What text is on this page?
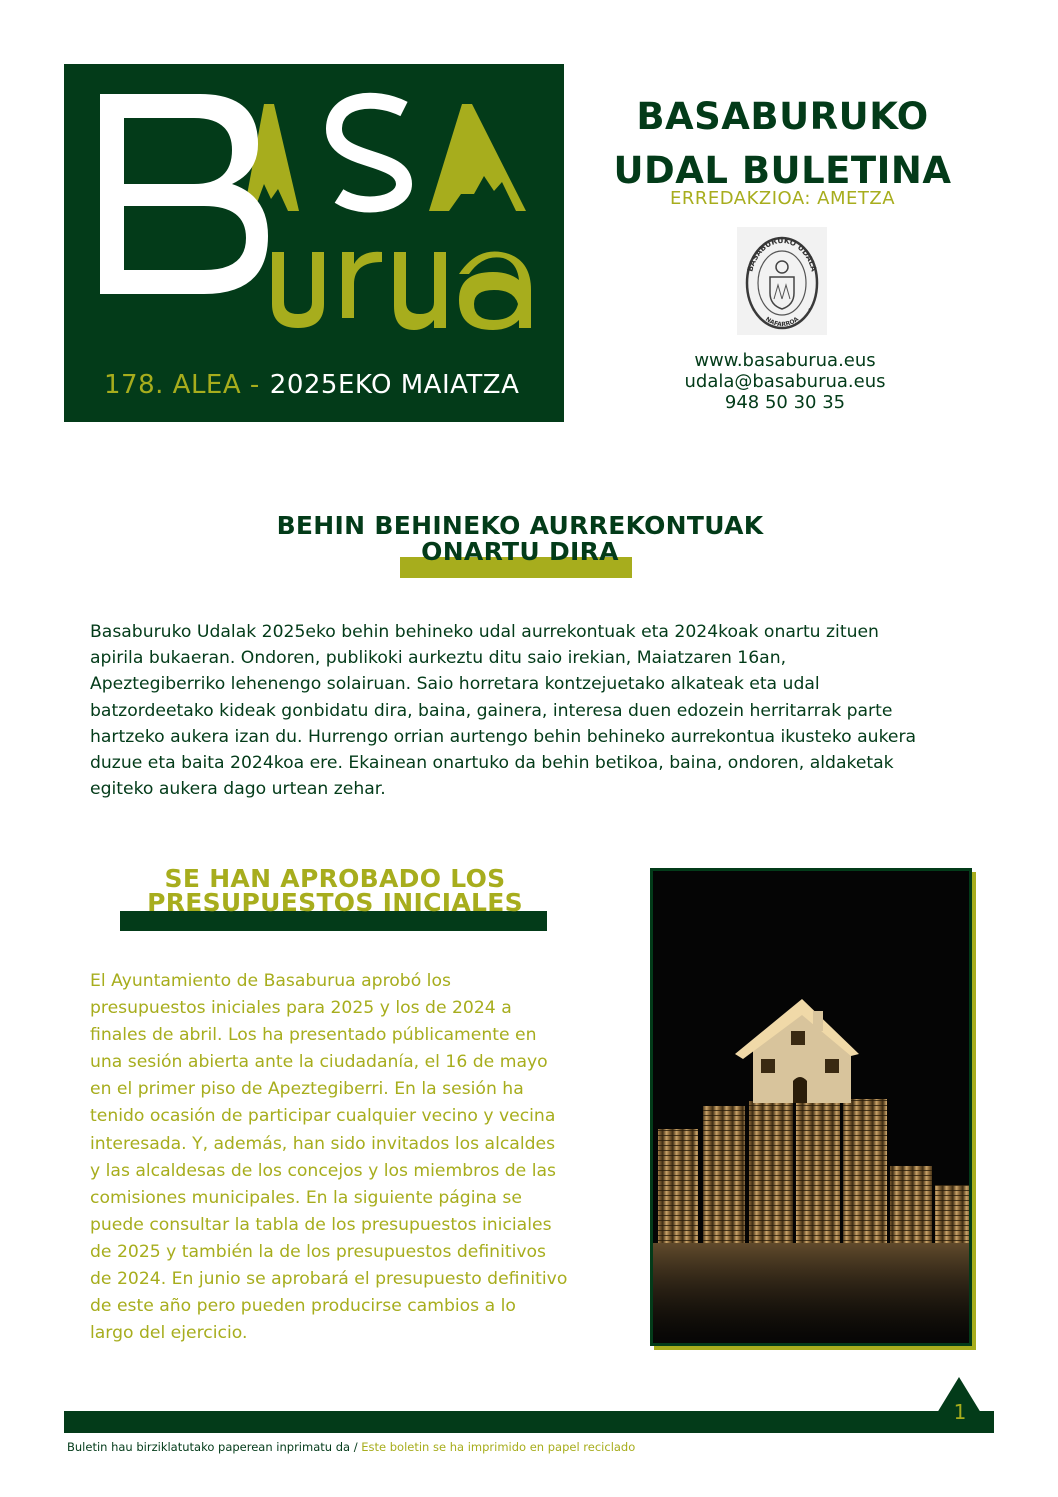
178. ALEA - 2025EKO MAIATZA
BASABURUKO
UDAL BULETINA
ERREDAKZIOA: AMETZA
BASABURUKO UDALA
NAFARROA
*	*
www.basaburua.eus
udala@basaburua.eus
948 50 30 35
BEHIN BEHINEKO AURREKONTUAK
ONARTU DIRA
Basaburuko Udalak 2025eko behin behineko udal aurrekontuak eta 2024koak onartu zituen
apirila bukaeran. Ondoren, publikoki aurkeztu ditu saio irekian, Maiatzaren 16an,
Apeztegiberriko lehenengo solairuan. Saio horretara kontzejuetako alkateak eta udal
batzordeetako kideak gonbidatu dira, baina, gainera, interesa duen edozein herritarrak parte
hartzeko aukera izan du. Hurrengo orrian aurtengo behin behineko aurrekontua ikusteko aukera
duzue eta baita 2024koa ere. Ekainean onartuko da behin betikoa, baina, ondoren, aldaketak
egiteko aukera dago urtean zehar.
SE HAN APROBADO LOS
PRESUPUESTOS INICIALES
El Ayuntamiento de Basaburua aprobó los
presupuestos iniciales para 2025 y los de 2024 a
finales de abril. Los ha presentado públicamente en
una sesión abierta ante la ciudadanía, el 16 de mayo
en el primer piso de Apeztegiberri. En la sesión ha
tenido ocasión de participar cualquier vecino y vecina
interesada. Y, además, han sido invitados los alcaldes
y las alcaldesas de los concejos y los miembros de las
comisiones municipales. En la siguiente página se
puede consultar la tabla de los presupuestos iniciales
de 2025 y también la de los presupuestos definitivos
de 2024. En junio se aprobará el presupuesto definitivo
de este año pero pueden producirse cambios a lo
largo del ejercicio.
1
Buletin hau birziklatutako paperean inprimatu da / Este boletin se ha imprimido en papel reciclado
